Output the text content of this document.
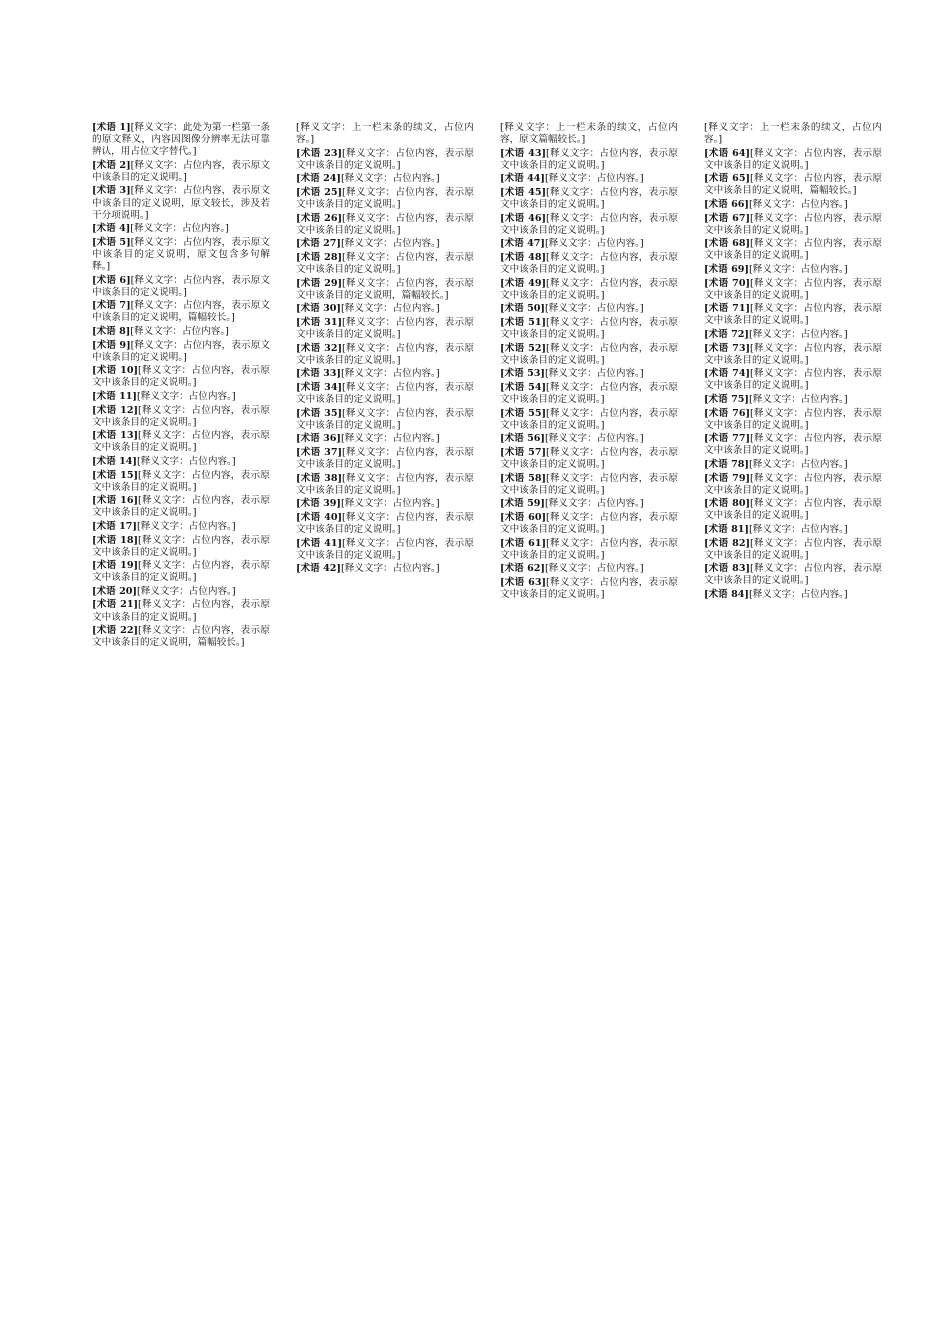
[术语 1][释义文字：此处为第一栏第一条的原文释义，内容因图像分辨率无法可靠辨认，用占位文字替代。]
[术语 2][释义文字：占位内容，表示原文中该条目的定义说明。]
[术语 3][释义文字：占位内容，表示原文中该条目的定义说明，原文较长，涉及若干分项说明。]
[术语 4][释义文字：占位内容。]
[术语 5][释义文字：占位内容，表示原文中该条目的定义说明，原文包含多句解释。]
[术语 6][释义文字：占位内容，表示原文中该条目的定义说明。]
[术语 7][释义文字：占位内容，表示原文中该条目的定义说明，篇幅较长。]
[术语 8][释义文字：占位内容。]
[术语 9][释义文字：占位内容，表示原文中该条目的定义说明。]
[术语 10][释义文字：占位内容，表示原文中该条目的定义说明。]
[术语 11][释义文字：占位内容。]
[术语 12][释义文字：占位内容，表示原文中该条目的定义说明。]
[术语 13][释义文字：占位内容，表示原文中该条目的定义说明。]
[术语 14][释义文字：占位内容。]
[术语 15][释义文字：占位内容，表示原文中该条目的定义说明。]
[术语 16][释义文字：占位内容，表示原文中该条目的定义说明。]
[术语 17][释义文字：占位内容。]
[术语 18][释义文字：占位内容，表示原文中该条目的定义说明。]
[术语 19][释义文字：占位内容，表示原文中该条目的定义说明。]
[术语 20][释义文字：占位内容。]
[术语 21][释义文字：占位内容，表示原文中该条目的定义说明。]
[术语 22][释义文字：占位内容，表示原文中该条目的定义说明，篇幅较长。]
[释义文字：上一栏末条的续文，占位内容。]
[术语 23][释义文字：占位内容，表示原文中该条目的定义说明。]
[术语 24][释义文字：占位内容。]
[术语 25][释义文字：占位内容，表示原文中该条目的定义说明。]
[术语 26][释义文字：占位内容，表示原文中该条目的定义说明。]
[术语 27][释义文字：占位内容。]
[术语 28][释义文字：占位内容，表示原文中该条目的定义说明。]
[术语 29][释义文字：占位内容，表示原文中该条目的定义说明，篇幅较长。]
[术语 30][释义文字：占位内容。]
[术语 31][释义文字：占位内容，表示原文中该条目的定义说明。]
[术语 32][释义文字：占位内容，表示原文中该条目的定义说明。]
[术语 33][释义文字：占位内容。]
[术语 34][释义文字：占位内容，表示原文中该条目的定义说明。]
[术语 35][释义文字：占位内容，表示原文中该条目的定义说明。]
[术语 36][释义文字：占位内容。]
[术语 37][释义文字：占位内容，表示原文中该条目的定义说明。]
[术语 38][释义文字：占位内容，表示原文中该条目的定义说明。]
[术语 39][释义文字：占位内容。]
[术语 40][释义文字：占位内容，表示原文中该条目的定义说明。]
[术语 41][释义文字：占位内容，表示原文中该条目的定义说明。]
[术语 42][释义文字：占位内容。]
[释义文字：上一栏末条的续文，占位内容，原文篇幅较长。]
[术语 43][释义文字：占位内容，表示原文中该条目的定义说明。]
[术语 44][释义文字：占位内容。]
[术语 45][释义文字：占位内容，表示原文中该条目的定义说明。]
[术语 46][释义文字：占位内容，表示原文中该条目的定义说明。]
[术语 47][释义文字：占位内容。]
[术语 48][释义文字：占位内容，表示原文中该条目的定义说明。]
[术语 49][释义文字：占位内容，表示原文中该条目的定义说明。]
[术语 50][释义文字：占位内容。]
[术语 51][释义文字：占位内容，表示原文中该条目的定义说明。]
[术语 52][释义文字：占位内容，表示原文中该条目的定义说明。]
[术语 53][释义文字：占位内容。]
[术语 54][释义文字：占位内容，表示原文中该条目的定义说明。]
[术语 55][释义文字：占位内容，表示原文中该条目的定义说明。]
[术语 56][释义文字：占位内容。]
[术语 57][释义文字：占位内容，表示原文中该条目的定义说明。]
[术语 58][释义文字：占位内容，表示原文中该条目的定义说明。]
[术语 59][释义文字：占位内容。]
[术语 60][释义文字：占位内容，表示原文中该条目的定义说明。]
[术语 61][释义文字：占位内容，表示原文中该条目的定义说明。]
[术语 62][释义文字：占位内容。]
[术语 63][释义文字：占位内容，表示原文中该条目的定义说明。]
[释义文字：上一栏末条的续文，占位内容。]
[术语 64][释义文字：占位内容，表示原文中该条目的定义说明。]
[术语 65][释义文字：占位内容，表示原文中该条目的定义说明，篇幅较长。]
[术语 66][释义文字：占位内容。]
[术语 67][释义文字：占位内容，表示原文中该条目的定义说明。]
[术语 68][释义文字：占位内容，表示原文中该条目的定义说明。]
[术语 69][释义文字：占位内容。]
[术语 70][释义文字：占位内容，表示原文中该条目的定义说明。]
[术语 71][释义文字：占位内容，表示原文中该条目的定义说明。]
[术语 72][释义文字：占位内容。]
[术语 73][释义文字：占位内容，表示原文中该条目的定义说明。]
[术语 74][释义文字：占位内容，表示原文中该条目的定义说明。]
[术语 75][释义文字：占位内容。]
[术语 76][释义文字：占位内容，表示原文中该条目的定义说明。]
[术语 77][释义文字：占位内容，表示原文中该条目的定义说明。]
[术语 78][释义文字：占位内容。]
[术语 79][释义文字：占位内容，表示原文中该条目的定义说明。]
[术语 80][释义文字：占位内容，表示原文中该条目的定义说明。]
[术语 81][释义文字：占位内容。]
[术语 82][释义文字：占位内容，表示原文中该条目的定义说明。]
[术语 83][释义文字：占位内容，表示原文中该条目的定义说明。]
[术语 84][释义文字：占位内容。]
